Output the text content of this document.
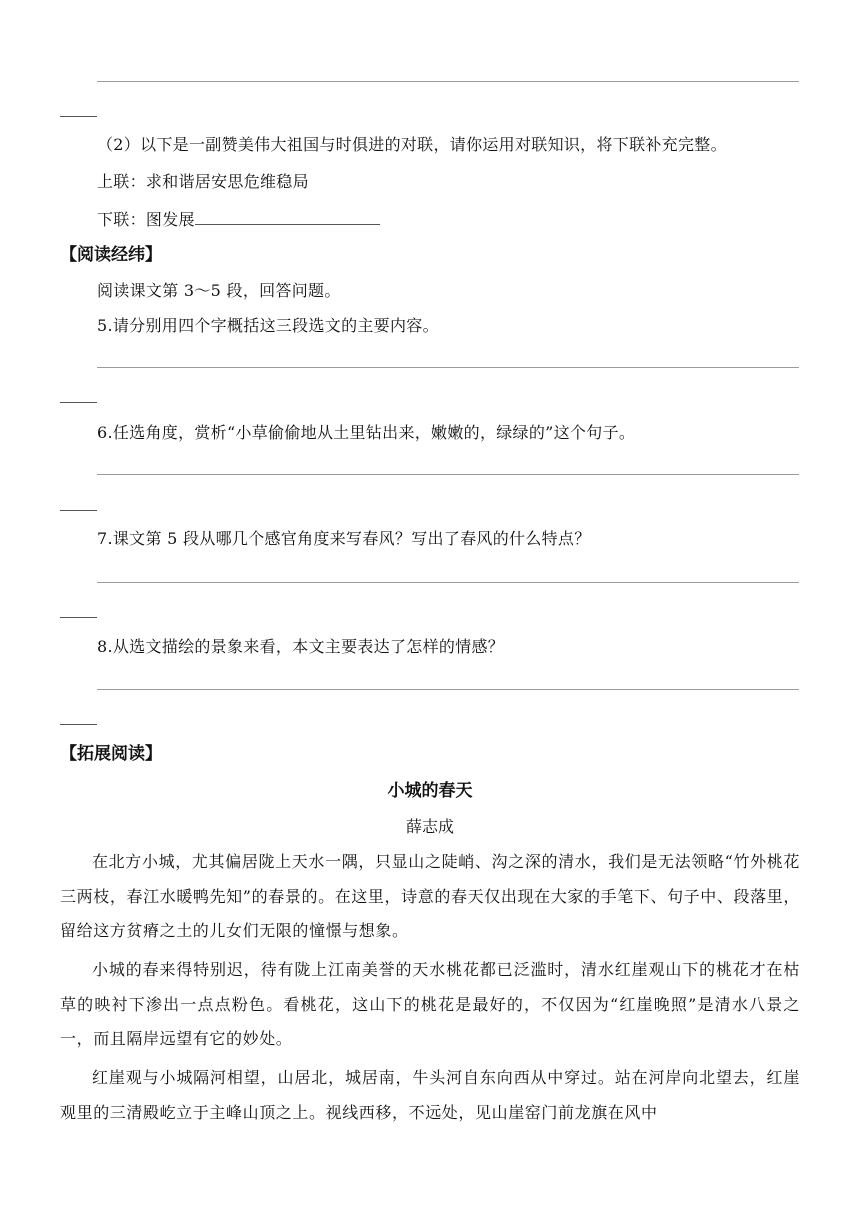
（2）以下是一副赞美伟大祖国与时俱进的对联，请你运用对联知识，将下联补充完整。
上联：求和谐居安思危维稳局
下联：图发展
【阅读经纬】
阅读课文第 3～5 段，回答问题。
5.请分别用四个字概括这三段选文的主要内容。
6.任选角度，赏析“小草偷偷地从土里钻出来，嫩嫩的，绿绿的”这个句子。
7.课文第 5 段从哪几个感官角度来写春风？写出了春风的什么特点？
8.从选文描绘的景象来看，本文主要表达了怎样的情感？
【拓展阅读】
小城的春天
薛志成
在北方小城，尤其偏居陇上天水一隅，只显山之陡峭、沟之深的清水，我们是无法领略“竹外桃花三两枝，春江水暖鸭先知”的春景的。在这里，诗意的春天仅出现在大家的手笔下、句子中、段落里，留给这方贫瘠之土的儿女们无限的憧憬与想象。
小城的春来得特别迟，待有陇上江南美誉的天水桃花都已泛滥时，清水红崖观山下的桃花才在枯草的映衬下渗出一点点粉色。看桃花，这山下的桃花是最好的，不仅因为“红崖晚照”是清水八景之一，而且隔岸远望有它的妙处。
红崖观与小城隔河相望，山居北，城居南，牛头河自东向西从中穿过。站在河岸向北望去，红崖观里的三清殿屹立于主峰山顶之上。视线西移，不远处，见山崖窑门前龙旗在风中
